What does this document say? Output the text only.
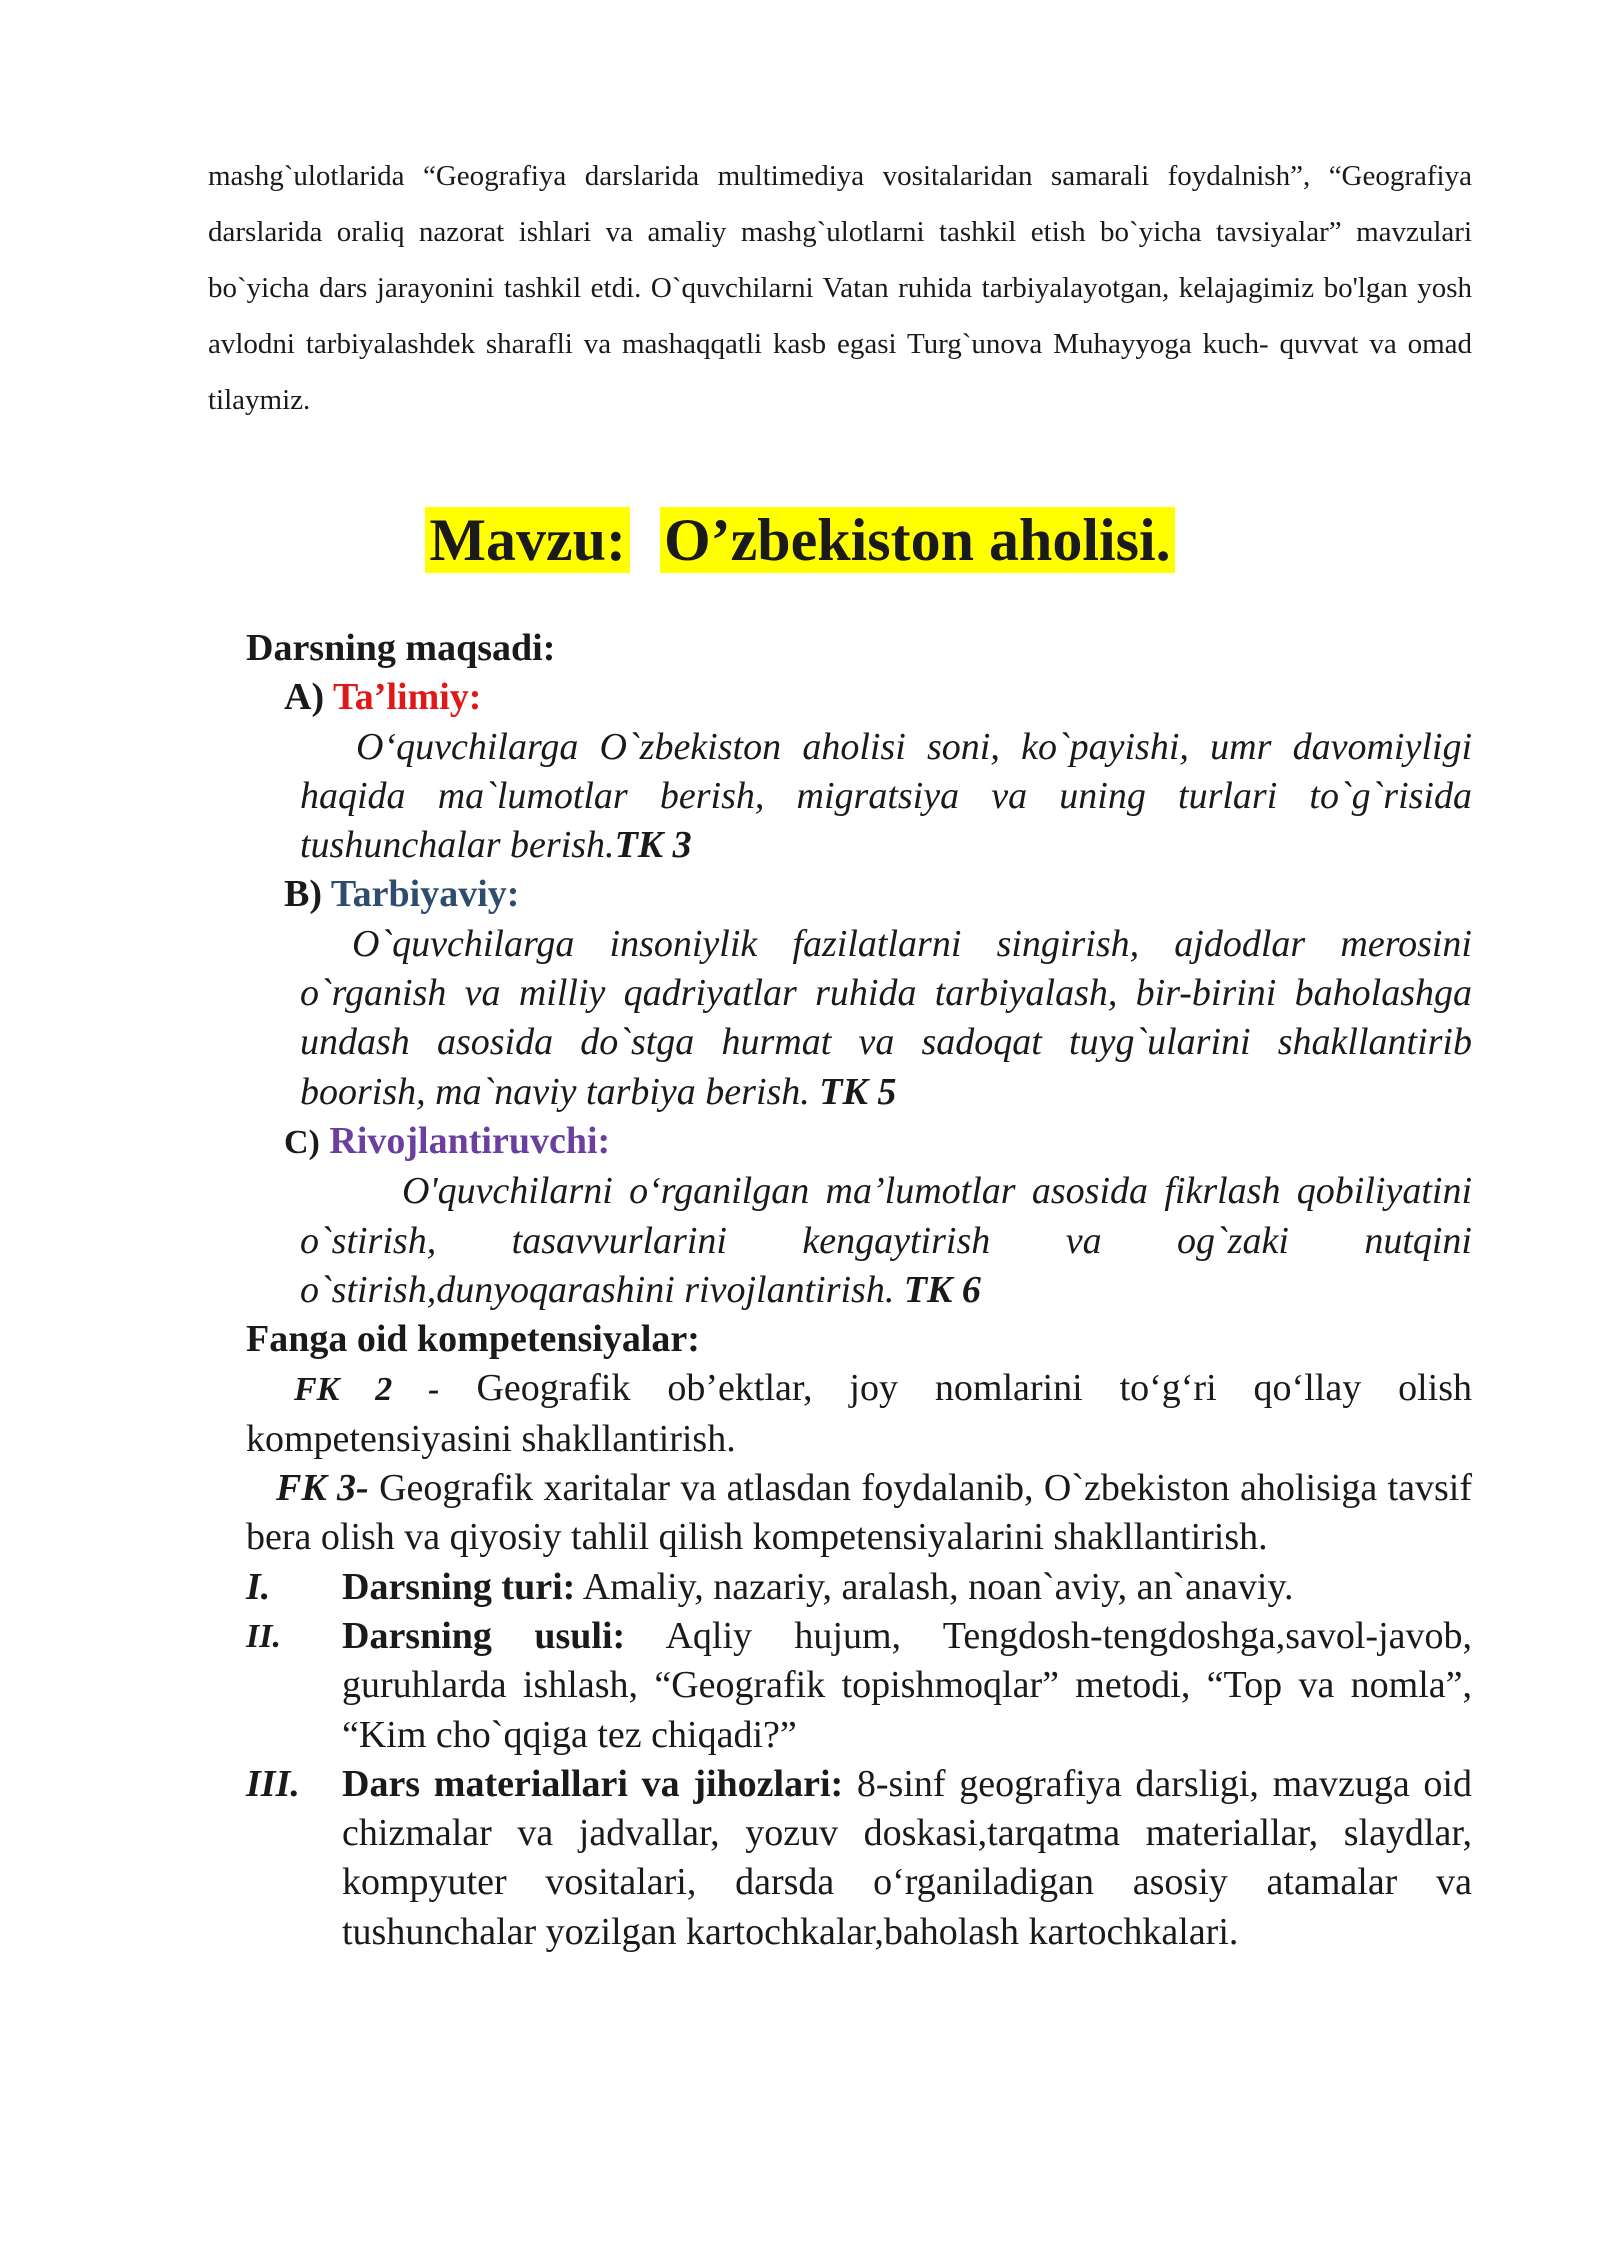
mashg`ulotlarida “Geografiya darslarida multimediya vositalaridan samarali foydalnish”, “Geografiya darslarida oraliq nazorat ishlari va amaliy mashg`ulotlarni tashkil etish bo`yicha tavsiyalar” mavzulari bo`yicha dars jarayonini tashkil etdi. O`quvchilarni Vatan ruhida tarbiyalayotgan, kelajagimiz bo'lgan yosh avlodni tarbiyalashdek sharafli va mashaqqatli kasb egasi Turg`unova Muhayyoga kuch- quvvat va omad tilaymiz.

Mavzu: O’zbekiston aholisi.

Darsning maqsadi:

A) Ta’limiy:

O‘quvchilarga O`zbekiston aholisi soni, ko`payishi, umr davomiyligi haqida ma`lumotlar berish, migratsiya va uning turlari to`g`risida tushunchalar berish.TK 3

B) Tarbiyaviy:

O`quvchilarga insoniylik fazilatlarni singirish, ajdodlar merosini o`rganish va milliy qadriyatlar ruhida tarbiyalash, bir-birini baholashga undash asosida do`stga hurmat va sadoqat tuyg`ularini shakllantirib boorish, ma`naviy tarbiya berish. TK 5

C) Rivojlantiruvchi:

O'quvchilarni o‘rganilgan ma’lumotlar asosida fikrlash qobiliyatini o`stirish, tasavvurlarini kengaytirish va og`zaki nutqini o`stirish,dunyoqarashini rivojlantirish. TK 6

Fanga oid kompetensiyalar:

FK 2 - Geografik ob’ektlar, joy nomlarini to‘g‘ri qo‘llay olish kompetensiyasini shakllantirish.

FK 3- Geografik xaritalar va atlasdan foydalanib, O`zbekiston aholisiga tavsif bera olish va qiyosiy tahlil qilish kompetensiyalarini shakllantirish.

I.	Darsning turi: Amaliy, nazariy, aralash, noan`aviy, an`anaviy.
II.	Darsning usuli: Aqliy hujum, Tengdosh-tengdoshga,savol-javob, guruhlarda ishlash, “Geografik topishmoqlar” metodi, “Top va nomla”, “Kim cho`qqiga tez chiqadi?”
III.	Dars materiallari va jihozlari: 8-sinf geografiya darsligi, mavzuga oid chizmalar va jadvallar, yozuv doskasi,tarqatma materiallar, slaydlar, kompyuter vositalari, darsda o‘rganiladigan asosiy atamalar va tushunchalar yozilgan kartochkalar,baholash kartochkalari.
